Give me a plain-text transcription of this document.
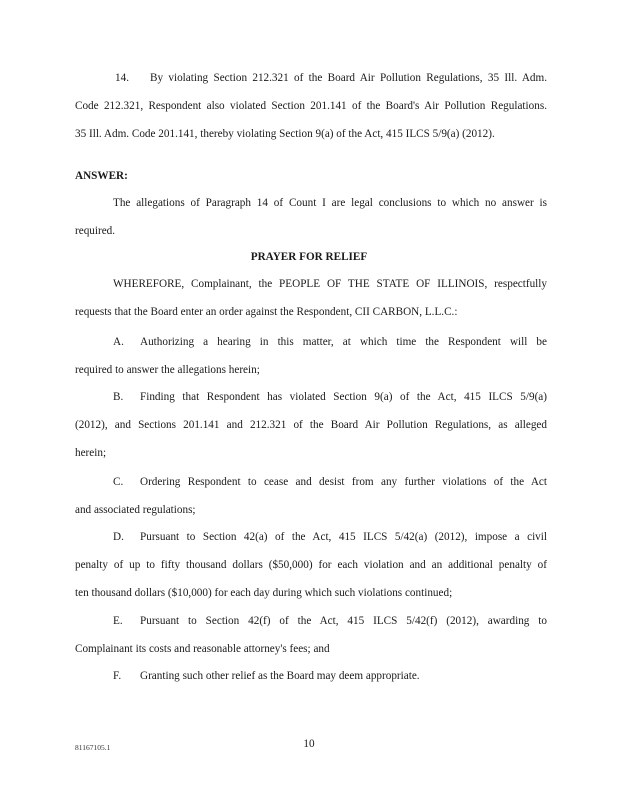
14. By violating Section 212.321 of the Board Air Pollution Regulations, 35 Ill. Adm.
Code 212.321, Respondent also violated Section 201.141 of the Board's Air Pollution Regulations.
35 Ill. Adm. Code 201.141, thereby violating Section 9(a) of the Act, 415 ILCS 5/9(a) (2012).
ANSWER:
The allegations of Paragraph 14 of Count I are legal conclusions to which no answer is
required.
PRAYER FOR RELIEF
WHEREFORE, Complainant, the PEOPLE OF THE STATE OF ILLINOIS, respectfully
requests that the Board enter an order against the Respondent, CII CARBON, L.L.C.:
A. Authorizing a hearing in this matter, at which time the Respondent will be
required to answer the allegations herein;
B. Finding that Respondent has violated Section 9(a) of the Act, 415 ILCS 5/9(a)
(2012), and Sections 201.141 and 212.321 of the Board Air Pollution Regulations, as alleged
herein;
C. Ordering Respondent to cease and desist from any further violations of the Act
and associated regulations;
D. Pursuant to Section 42(a) of the Act, 415 ILCS 5/42(a) (2012), impose a civil
penalty of up to fifty thousand dollars ($50,000) for each violation and an additional penalty of
ten thousand dollars ($10,000) for each day during which such violations continued;
E. Pursuant to Section 42(f) of the Act, 415 ILCS 5/42(f) (2012), awarding to
Complainant its costs and reasonable attorney's fees; and
F. Granting such other relief as the Board may deem appropriate.
81167105.1	10
